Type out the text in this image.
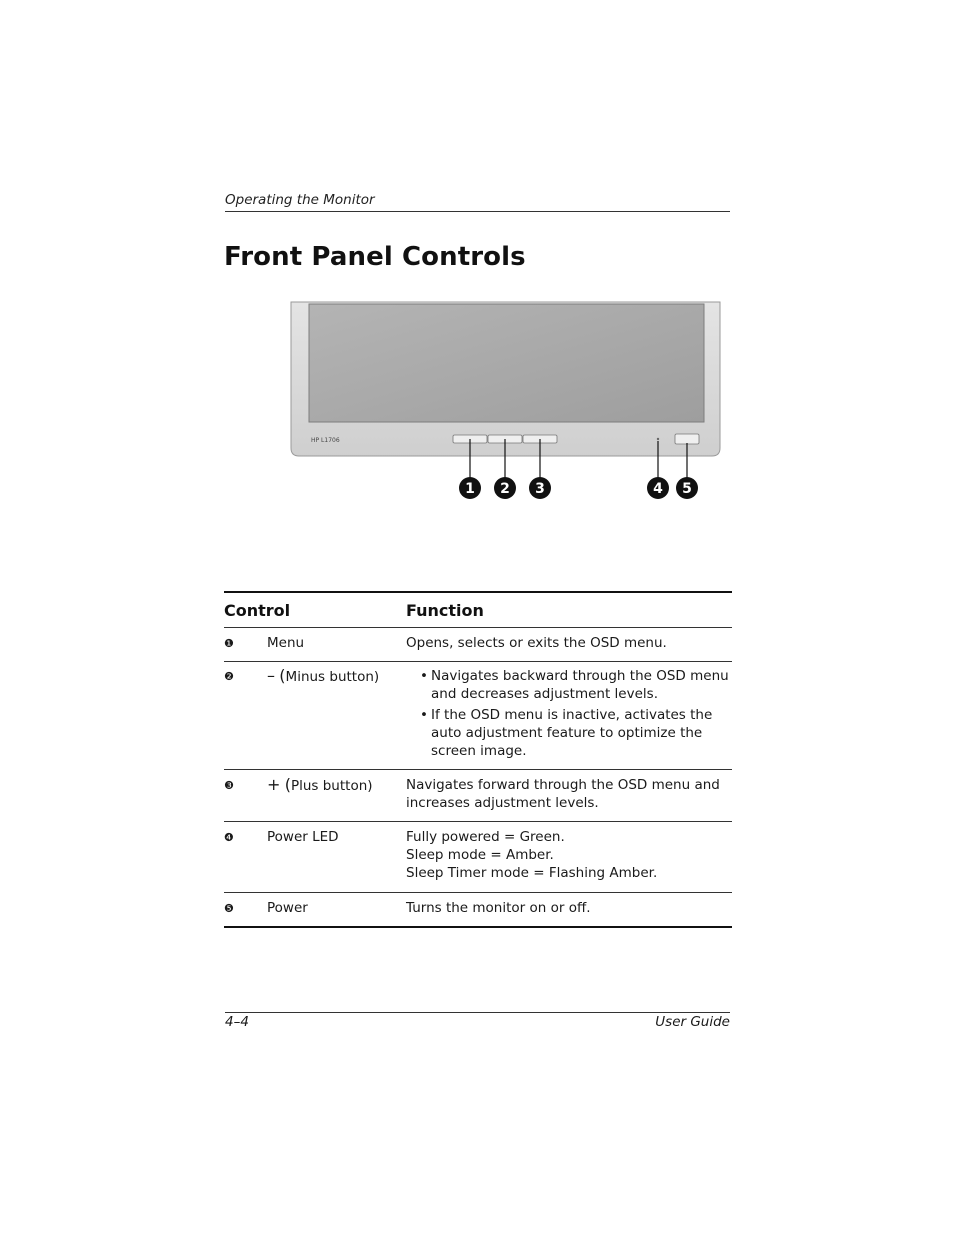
Operating the Monitor
Front Panel Controls
HP L1706
1 2 3	4 5
Control	Function
❶	Menu	Opens, selects or exits the OSD menu.
❷	– (Minus button)
•	Navigates backward through the OSD menu and decreases adjustment levels.
• If the OSD menu is inactive, activates the auto adjustment feature to optimize the screen image.
❸	+ (Plus button)	Navigates forward through the OSD menu and increases adjustment levels.
❹	Power LED	Fully powered = Green.
Sleep mode = Amber.
Sleep Timer mode = Flashing Amber.
❺	Power	Turns the monitor on or off.
4–4	User Guide
